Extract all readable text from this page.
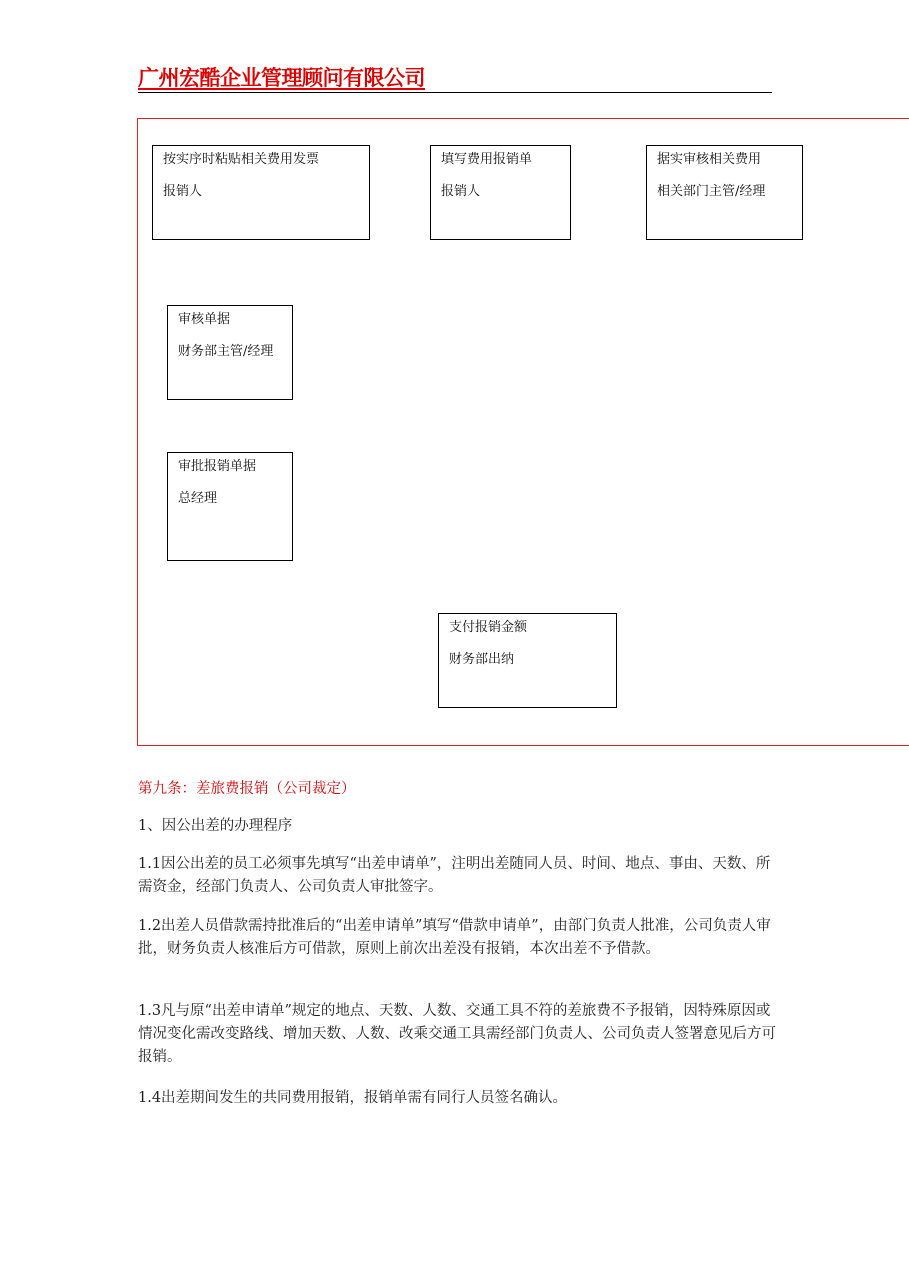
广州宏酷企业管理顾问有限公司
按实序时粘贴相关费用发票
报销人
填写费用报销单
报销人
据实审核相关费用
相关部门主管/经理
审核单据
财务部主管/经理
审批报销单据
总经理
支付报销金额
财务部出纳
第九条：差旅费报销（公司裁定）
1、因公出差的办理程序
1.1因公出差的员工必须事先填写“出差申请单”，注明出差随同人员、时间、地点、事由、天数、所需资金，经部门负责人、公司负责人审批签字。
1.2出差人员借款需持批准后的“出差申请单”填写“借款申请单”，由部门负责人批准，公司负责人审批，财务负责人核准后方可借款，原则上前次出差没有报销，本次出差不予借款。
1.3凡与原“出差申请单”规定的地点、天数、人数、交通工具不符的差旅费不予报销，因特殊原因或情况变化需改变路线、增加天数、人数、改乘交通工具需经部门负责人、公司负责人签署意见后方可报销。
1.4出差期间发生的共同费用报销，报销单需有同行人员签名确认。
